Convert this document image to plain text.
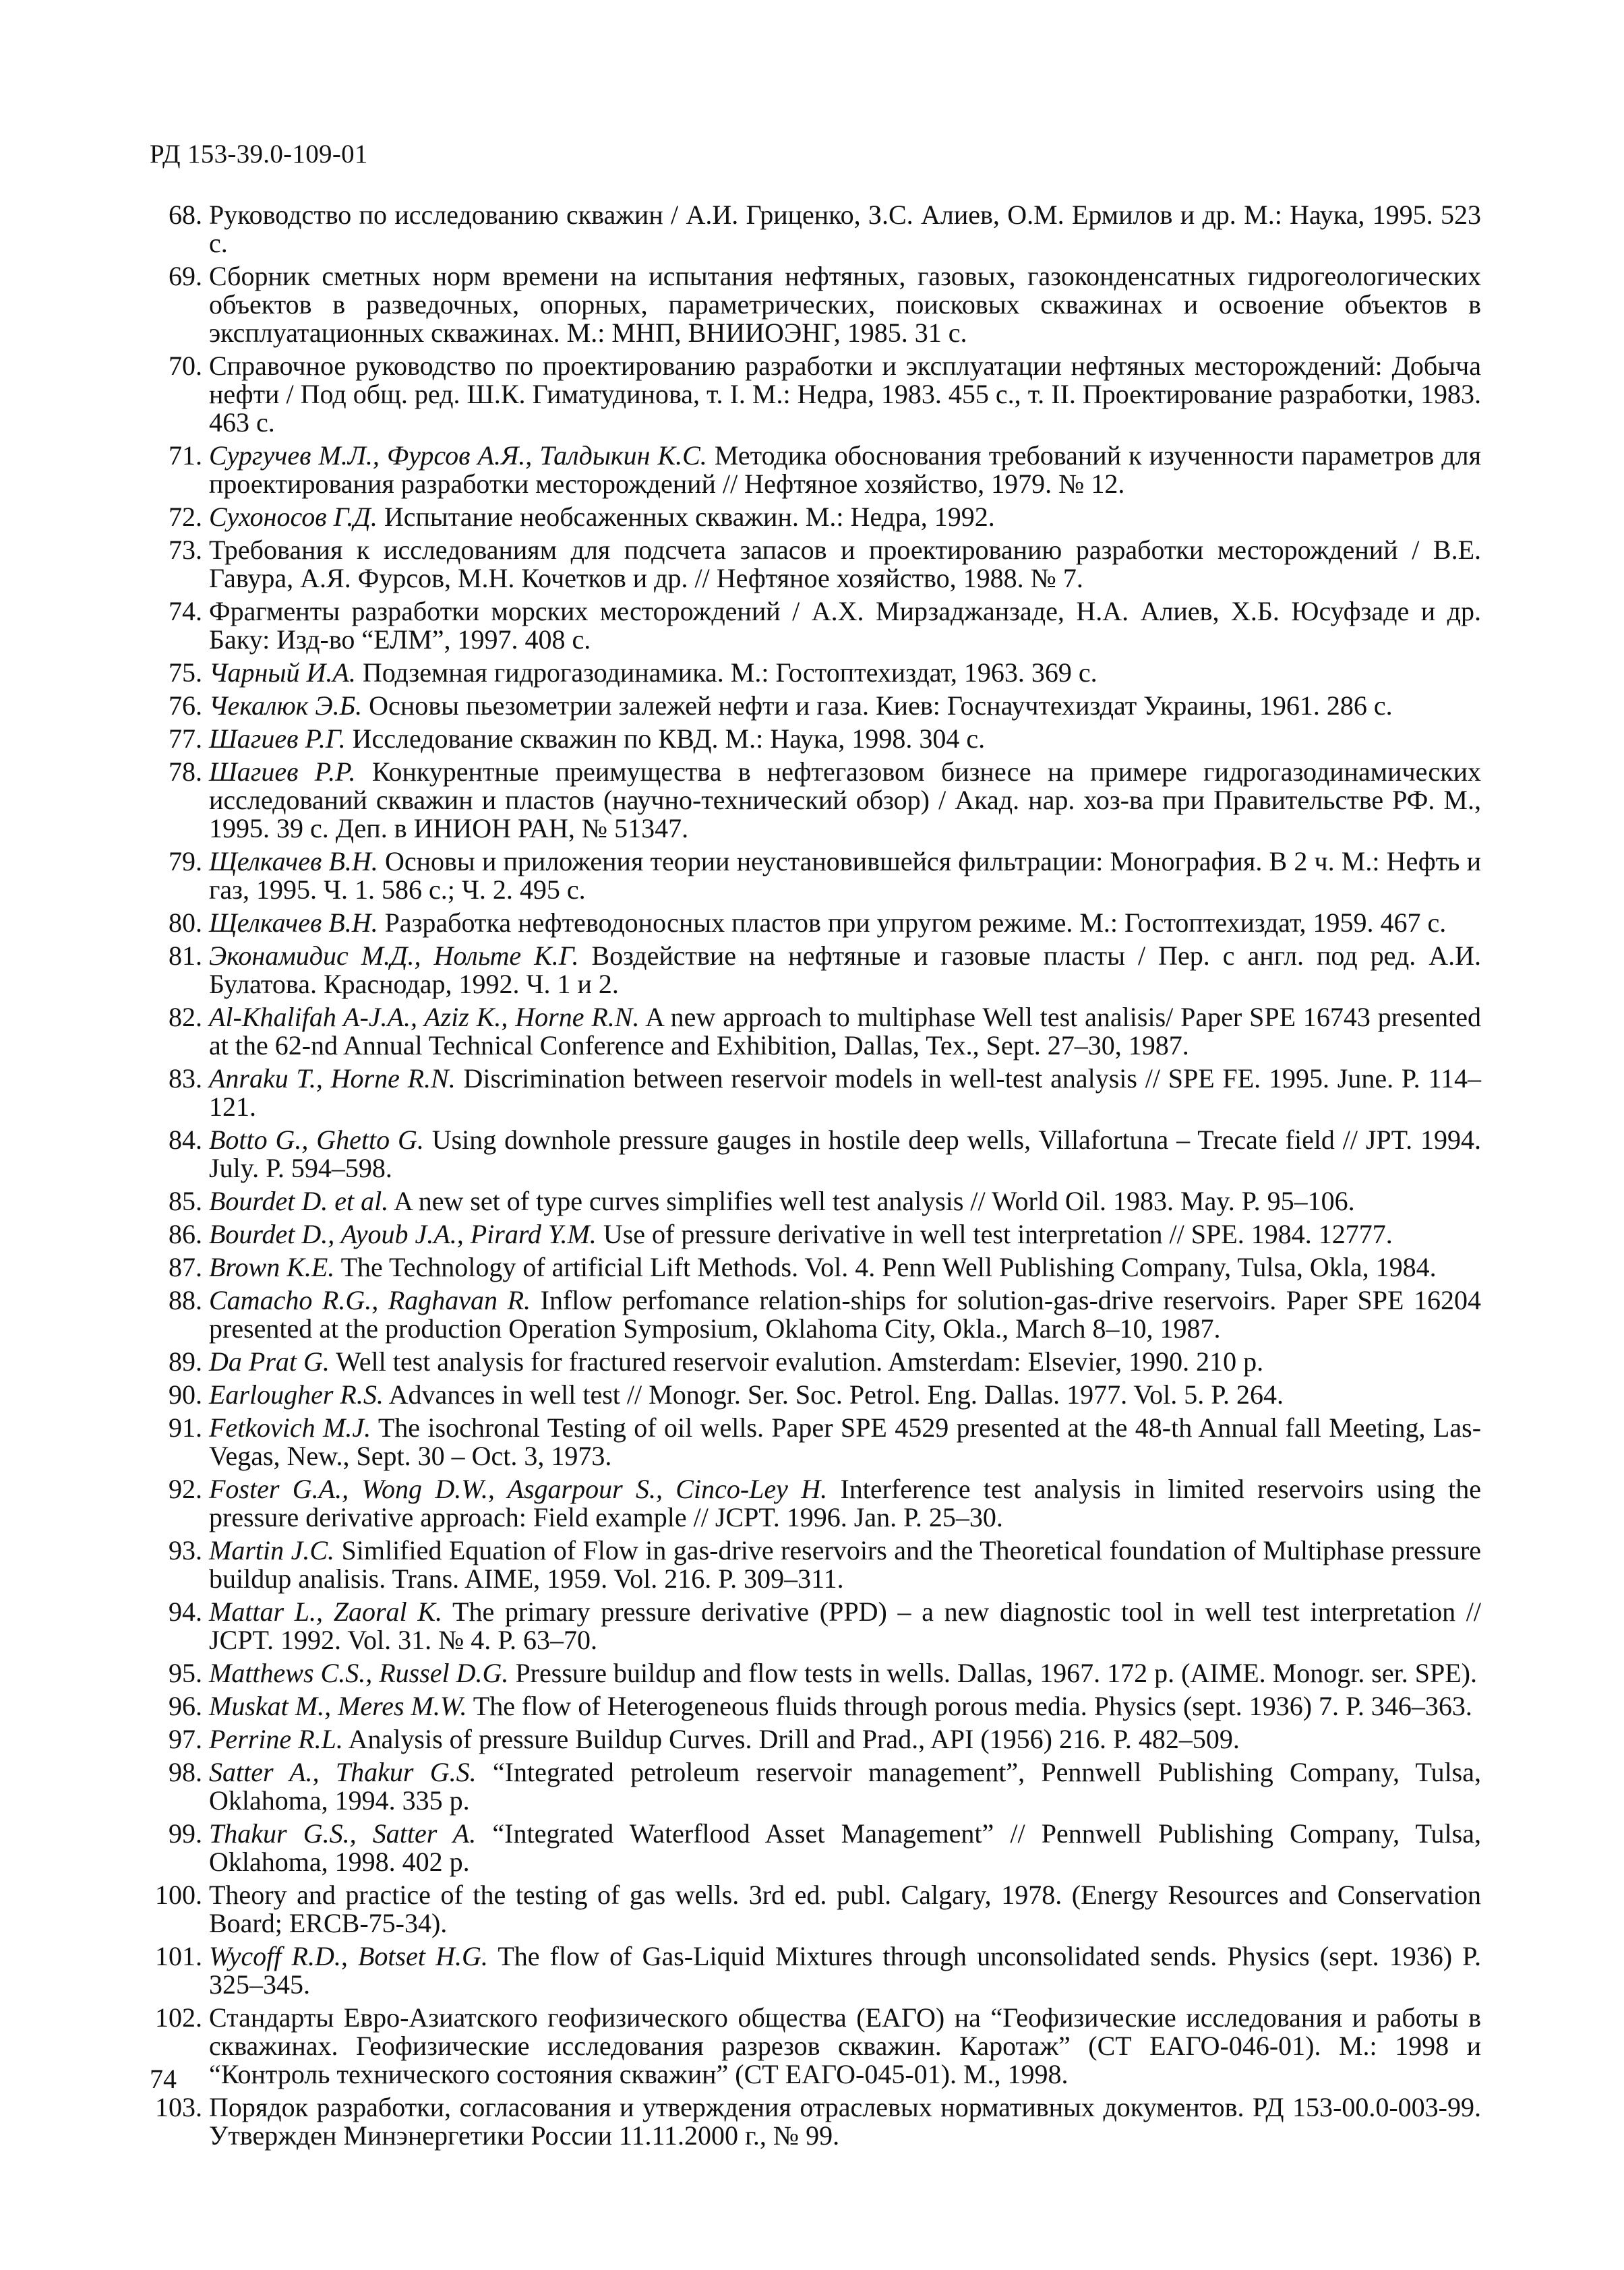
РД 153-39.0-109-01
68. Руководство по исследованию скважин / А.И. Гриценко, З.С. Алиев, О.М. Ермилов и др. М.: Наука, 1995. 523 с.
69. Сборник сметных норм времени на испытания нефтяных, газовых, газоконденсатных гидрогеологических объектов в разведочных, опорных, параметрических, поисковых скважинах и освоение объектов в эксплуатационных скважинах. М.: МНП, ВНИИОЭНГ, 1985. 31 с.
70. Справочное руководство по проектированию разработки и эксплуатации нефтяных месторождений: Добыча нефти / Под общ. ред. Ш.К. Гиматудинова, т. I. М.: Недра, 1983. 455 с., т. II. Проектирование разработки, 1983. 463 с.
71. Сургучев М.Л., Фурсов А.Я., Талдыкин К.С. Методика обоснования требований к изученности параметров для проектирования разработки месторождений // Нефтяное хозяйство, 1979. № 12.
72. Сухоносов Г.Д. Испытание необсаженных скважин. М.: Недра, 1992.
73. Требования к исследованиям для подсчета запасов и проектированию разработки месторождений / В.Е. Гавура, А.Я. Фурсов, М.Н. Кочетков и др. // Нефтяное хозяйство, 1988. № 7.
74. Фрагменты разработки морских месторождений / А.Х. Мирзаджанзаде, Н.А. Алиев, Х.Б. Юсуфзаде и др. Баку: Изд-во “ЕЛМ”, 1997. 408 с.
75. Чарный И.А. Подземная гидрогазодинамика. М.: Гостоптехиздат, 1963. 369 с.
76. Чекалюк Э.Б. Основы пьезометрии залежей нефти и газа. Киев: Госнаучтехиздат Украины, 1961. 286 с.
77. Шагиев Р.Г. Исследование скважин по КВД. М.: Наука, 1998. 304 с.
78. Шагиев Р.Р. Конкурентные преимущества в нефтегазовом бизнесе на примере гидрогазодинамических исследований скважин и пластов (научно-технический обзор) / Акад. нар. хоз-ва при Правительстве РФ. М., 1995. 39 с. Деп. в ИНИОН РАН, № 51347.
79. Щелкачев В.Н. Основы и приложения теории неустановившейся фильтрации: Монография. В 2 ч. М.: Нефть и газ, 1995. Ч. 1. 586 с.; Ч. 2. 495 с.
80. Щелкачев В.Н. Разработка нефтеводоносных пластов при упругом режиме. М.: Гостоптехиздат, 1959. 467 с.
81. Эконамидис М.Д., Нольте К.Г. Воздействие на нефтяные и газовые пласты / Пер. с англ. под ред. А.И. Булатова. Краснодар, 1992. Ч. 1 и 2.
82. Al-Khalifah A-J.A., Aziz K., Horne R.N. A new approach to multiphase Well test analisis/ Paper SPE 16743 presented at the 62-nd Annual Technical Conference and Exhibition, Dallas, Tex., Sept. 27–30, 1987.
83. Anraku T., Horne R.N. Discrimination between reservoir models in well-test analysis // SPE FE. 1995. June. P. 114–121.
84. Botto G., Ghetto G. Using downhole pressure gauges in hostile deep wells, Villafortuna – Trecate field // JPT. 1994. July. P. 594–598.
85. Bourdet D. et al. A new set of type curves simplifies well test analysis // World Oil. 1983. May. P. 95–106.
86. Bourdet D., Ayoub J.A., Pirard Y.M. Use of pressure derivative in well test interpretation // SPE. 1984. 12777.
87. Brown K.E. The Technology of artificial Lift Methods. Vol. 4. Penn Well Publishing Company, Tulsa, Okla, 1984.
88. Camacho R.G., Raghavan R. Inflow perfomance relation-ships for solution-gas-drive reservoirs. Paper SPE 16204 presented at the production Operation Symposium, Oklahoma City, Okla., March 8–10, 1987.
89. Da Prat G. Well test analysis for fractured reservoir evalution. Amsterdam: Elsevier, 1990. 210 p.
90. Earlougher R.S. Advances in well test // Monogr. Ser. Soc. Petrol. Eng. Dallas. 1977. Vol. 5. P. 264.
91. Fetkovich M.J. The isochronal Testing of oil wells. Paper SPE 4529 presented at the 48-th Annual fall Meeting, Las-Vegas, New., Sept. 30 – Oct. 3, 1973.
92. Foster G.A., Wong D.W., Asgarpour S., Cinco-Ley H. Interference test analysis in limited reservoirs using the pressure derivative approach: Field example // JCPT. 1996. Jan. P. 25–30.
93. Martin J.C. Simlified Equation of Flow in gas-drive reservoirs and the Theoretical foundation of Multiphase pressure buildup analisis. Trans. AIME, 1959. Vol. 216. P. 309–311.
94. Mattar L., Zaoral K. The primary pressure derivative (PPD) – a new diagnostic tool in well test interpretation // JCPT. 1992. Vol. 31. № 4. P. 63–70.
95. Matthews C.S., Russel D.G. Pressure buildup and flow tests in wells. Dallas, 1967. 172 p. (AIME. Monogr. ser. SPE).
96. Muskat M., Meres M.W. The flow of Heterogeneous fluids through porous media. Physics (sept. 1936) 7. P. 346–363.
97. Perrine R.L. Analysis of pressure Buildup Curves. Drill and Prad., API (1956) 216. P. 482–509.
98. Satter A., Thakur G.S. “Integrated petroleum reservoir management”, Pennwell Publishing Company, Tulsa, Oklahoma, 1994. 335 p.
99. Thakur G.S., Satter A. “Integrated Waterflood Asset Management” // Pennwell Publishing Company, Tulsa, Oklahoma, 1998. 402 p.
100. Theory and practice of the testing of gas wells. 3rd ed. publ. Calgary, 1978. (Energy Resources and Conservation Board; ERCB-75-34).
101. Wycoff R.D., Botset H.G. The flow of Gas-Liquid Mixtures through unconsolidated sends. Physics (sept. 1936) P. 325–345.
102. Стандарты Евро-Азиатского геофизического общества (ЕАГО) на “Геофизические исследования и работы в скважинах. Геофизические исследования разрезов скважин. Каротаж” (СТ ЕАГО-046-01). М.: 1998 и “Контроль технического состояния скважин” (СТ ЕАГО-045-01). М., 1998.
103. Порядок разработки, согласования и утверждения отраслевых нормативных документов. РД 153-00.0-003-99. Утвержден Минэнергетики России 11.11.2000 г., № 99.
74
